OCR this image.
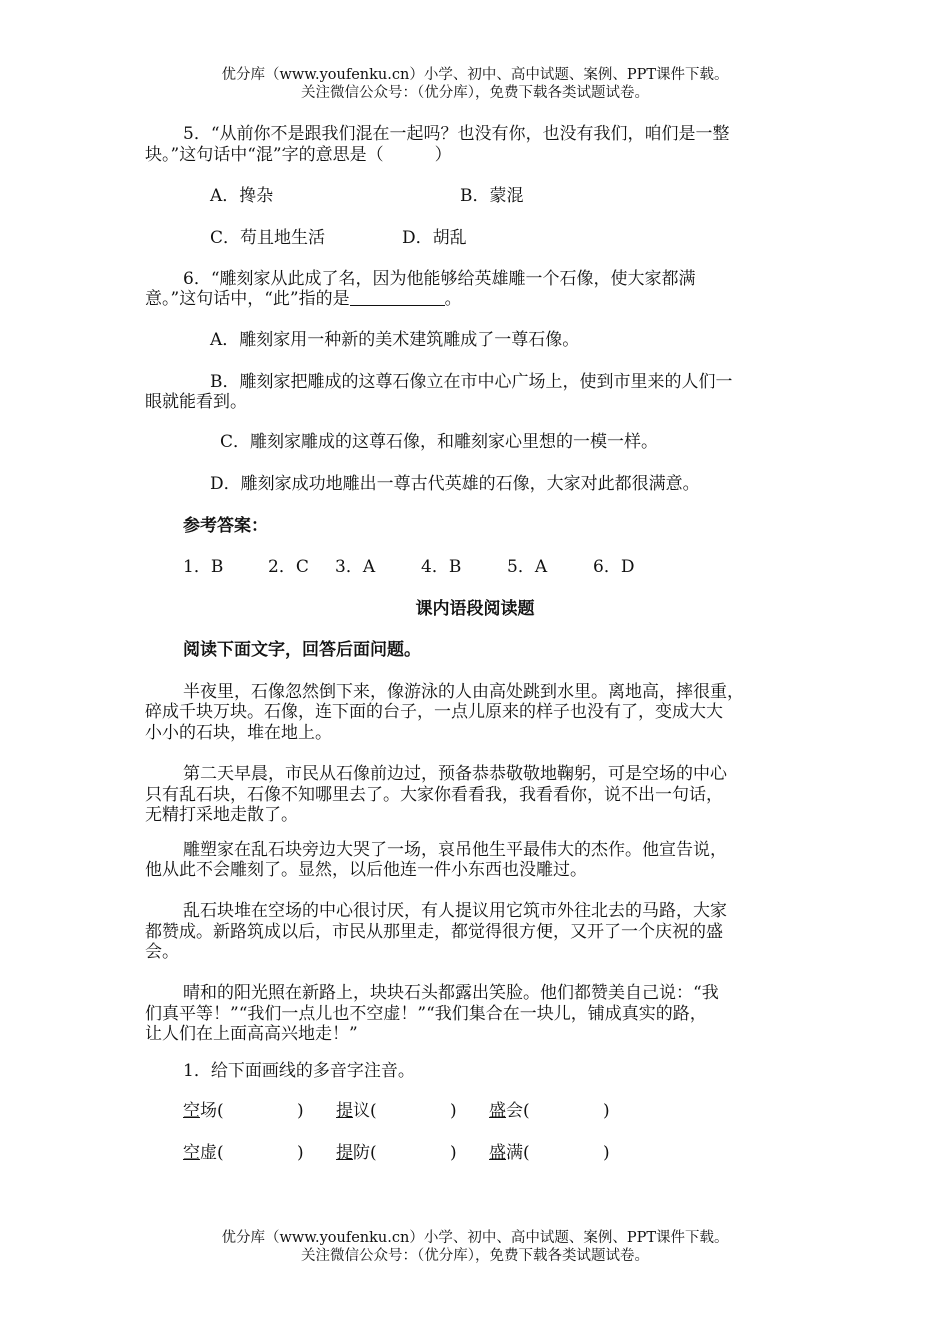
优分库（www.youfenku.cn）小学、初中、高中试题、案例、PPT课件下载。
关注微信公众号：（优分库），免费下载各类试题试卷。
5．“从前你不是跟我们混在一起吗？也没有你，也没有我们，咱们是一整
块。”这句话中“混”字的意思是（　　　）
A．搀杂	B．蒙混
C．苟且地生活	D．胡乱
6．“雕刻家从此成了名，因为他能够给英雄雕一个石像，使大家都满
意。”这句话中，“此”指的是	。
A．雕刻家用一种新的美术建筑雕成了一尊石像。
B．雕刻家把雕成的这尊石像立在市中心广场上，使到市里来的人们一
眼就能看到。
C．雕刻家雕成的这尊石像，和雕刻家心里想的一模一样。
D．雕刻家成功地雕出一尊古代英雄的石像，大家对此都很满意。
参考答案：
1．B	2．C 3．A	4．B	5．A	6．D
课内语段阅读题
阅读下面文字，回答后面问题。
半夜里，石像忽然倒下来，像游泳的人由高处跳到水里。离地高，摔很重，
碎成千块万块。石像，连下面的台子，一点儿原来的样子也没有了，变成大大
小小的石块，堆在地上。
第二天早晨，市民从石像前边过，预备恭恭敬敬地鞠躬，可是空场的中心
只有乱石块，石像不知哪里去了。大家你看看我，我看看你，说不出一句话，
无精打采地走散了。
雕塑家在乱石块旁边大哭了一场，哀吊他生平最伟大的杰作。他宣告说，
他从此不会雕刻了。显然，以后他连一件小东西也没雕过。
乱石块堆在空场的中心很讨厌，有人提议用它筑市外往北去的马路，大家
都赞成。新路筑成以后，市民从那里走，都觉得很方便，又开了一个庆祝的盛
会。
晴和的阳光照在新路上，块块石头都露出笑脸。他们都赞美自己说：“我
们真平等！”“我们一点儿也不空虚！”“我们集合在一块儿，铺成真实的路，
让人们在上面高高兴地走！”
1．给下面画线的多音字注音。
空场(	) 提议(	) 盛会(	)
空虚(	) 提防(	) 盛满(	)
优分库（www.youfenku.cn）小学、初中、高中试题、案例、PPT课件下载。
关注微信公众号：（优分库），免费下载各类试题试卷。
